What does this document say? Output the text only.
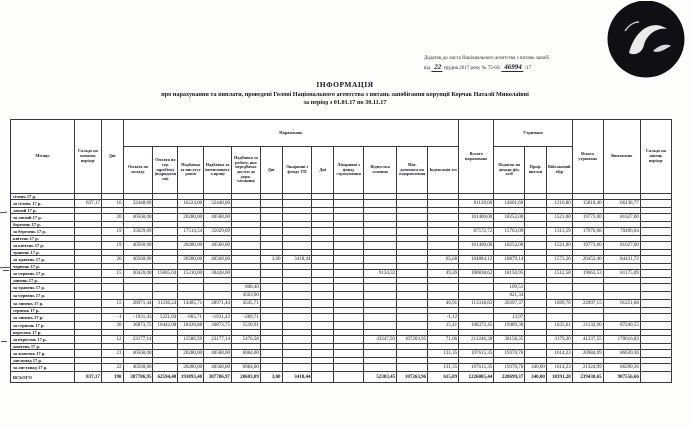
Додаток до листа Національного агентства з питань запобі
від 22 грудня 2017 року № 75-03/ 46994 /17
ІНФОРМАЦІЯ
про нарахування та виплати, проведені Голові Національного агентства з питань запобігання корупції Корчак Наталії Миколаївні
за період з 01.01.17 по 30.11.17
Місяць	Сальдо на початок періоду	Дні	Нараховано												Всього нараховано	Утримано			Всього утримано	Виплачено	Сальдо на кінець періоду
			Оплата по окладу	Оплата по сер. заробітку (відрядження)	Надбавка за вислугу років	Надбавка за інтенсивність праці	Надбавка за роботу, яка передбачає доступ до держ. таємниці	Дні	Лікарняні з фонду ТП	Дні	Лікарняні з фонду страхування	Відпустка основна	Мат. допомога на оздоровлення	Індексація з/п		Податок на доходи фіз. осіб	Проф. внески	Військовий збір			
січень 17 р.																					
за січень 17 р.	837,17	16	32448,00		16224,00	32448,00									81120,00	14601,60		1216,80	15818,40	66138,77	
лютий 17 р.																					
за лютий 17 р.		20	40560,00		20280,00	40560,00									101400,00	18252,00		1521,00	19773,00	81627,00	
березень 17 р.																					
за березень 17 р.		19	35029,09		17514,54	35029,09									87572,72	15763,09		1313,59	17076,68	70496,04	
квітень 17 р.																					
за квітень 17 р.		19	40560,00		20280,00	40560,00									101400,00	18252,00		1521,00	19773,00	81627,00	
травень 17 р.																					
за травень 17 р.		20	40560,00		20280,00	40560,00		3,00	3418,44					65,68	104884,12	18879,14		1573,26	20452,40	84431,72	
червень 17 р.																					
за червень 17 р.		15	30420,00	15605,04	15210,00	30420,00						9134,32		49,26	100838,62	18150,95		1512,58	19663,53	81175,09	
липень 17 р.																					
за травень 17 р.							608,40									109,51					
за червень 17 р.							4563,00									821,34					
за липень 17 р.		15	28971,44	31336,24	14485,71	28971,44	4545,71							46,91	113318,83	20397,37		1699,78	22097,15	91221,68	
серпень 17 р.																					
за липень 17 р.		-1	-1931,43	5221,04	-965,71	-1931,43	-289,71							-1,12		13,97					
за серпень 17 р.		20	36873,75	10442,08	18436,88	36873,75	5530,91							15,41	108372,45	19489,36		1625,61	21132,90	87240,55	
вересень 17 р.																					
за вересень 17 р.		12	23177,14		11588,58	23177,14	5476,58					43247,93	107203,95	71,06	211246,38	38158,35		3179,20	41337,55	170616,83	
жовтень 17 р.																					
за жовтень 17 р.		21	40560,00		20280,00	40560,00	6084,00							131,35	107615,35	19370,76		1614,23	20984,99	86630,36	
листопад 17 р.																					
за листопад 17 р.		22	40560,00		20280,00	40560,00	6084,00							131,35	107615,35	19370,76	340,00	1614,23	21324,99	86290,36	
ВСЬОГО	837,17	198	387786,95	62594,40	193893,40	387786,97	28603,89	3,00	3418,44			52383,45	107263,96	615,89	1226085,44	220699,37	340,00	18391,28	239438,65	987556,66	
